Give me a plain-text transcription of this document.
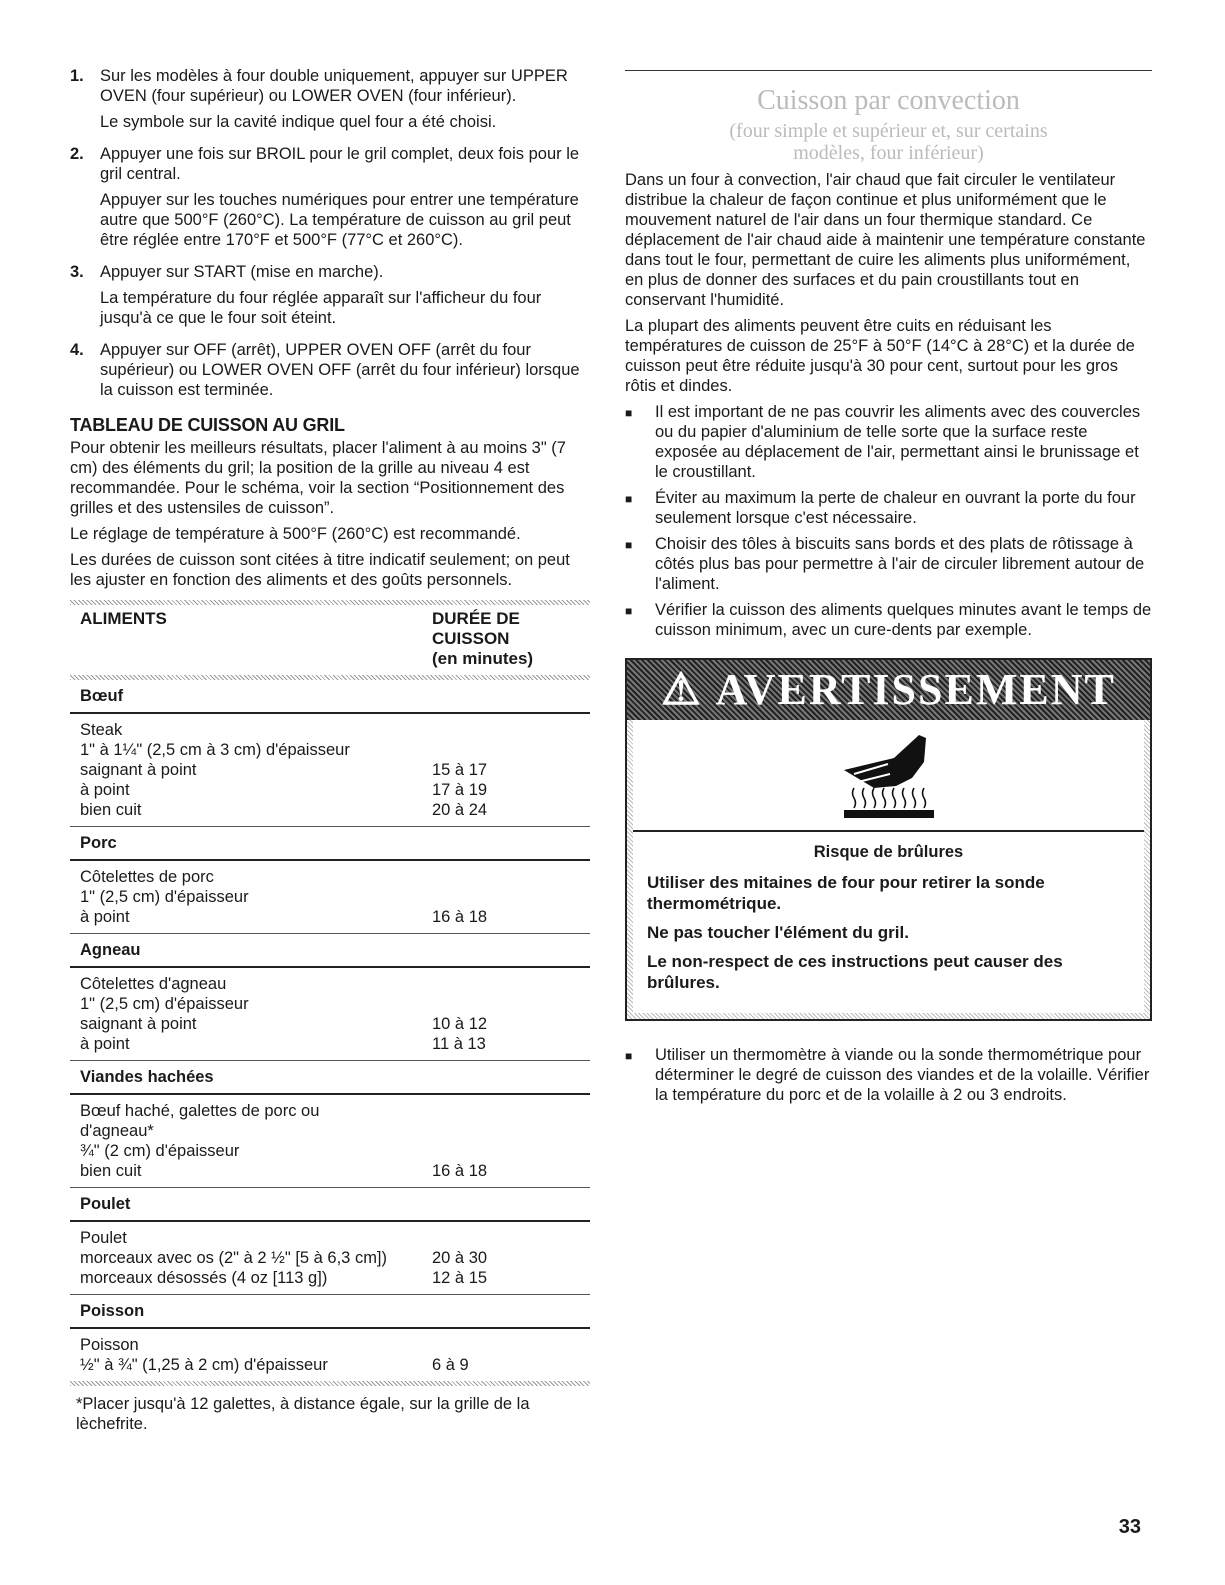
1. Sur les modèles à four double uniquement, appuyer sur UPPER OVEN (four supérieur) ou LOWER OVEN (four inférieur).

Le symbole sur la cavité indique quel four a été choisi.

2. Appuyer une fois sur BROIL pour le gril complet, deux fois pour le gril central.

Appuyer sur les touches numériques pour entrer une température autre que 500°F (260°C). La température de cuisson au gril peut être réglée entre 170°F et 500°F (77°C et 260°C).

3. Appuyer sur START (mise en marche).

La température du four réglée apparaît sur l'afficheur du four jusqu'à ce que le four soit éteint.

4. Appuyer sur OFF (arrêt), UPPER OVEN OFF (arrêt du four supérieur) ou LOWER OVEN OFF (arrêt du four inférieur) lorsque la cuisson est terminée.

TABLEAU DE CUISSON AU GRIL

Pour obtenir les meilleurs résultats, placer l'aliment à au moins 3" (7 cm) des éléments du gril; la position de la grille au niveau 4 est recommandée. Pour le schéma, voir la section “Positionnement des grilles et des ustensiles de cuisson”.

Le réglage de température à 500°F (260°C) est recommandé.

Les durées de cuisson sont citées à titre indicatif seulement; on peut les ajuster en fonction des aliments et des goûts personnels.

ALIMENTS	DURÉE DE
CUISSON
(en minutes)
Bœuf
Steak
1" à 1¼" (2,5 cm à 3 cm) d'épaisseur
saignant à point	15 à 17
à point	17 à 19
bien cuit	20 à 24
Porc
Côtelettes de porc
1" (2,5 cm) d'épaisseur
à point	16 à 18
Agneau
Côtelettes d'agneau
1" (2,5 cm) d'épaisseur
saignant à point	10 à 12
à point	11 à 13
Viandes hachées
Bœuf haché, galettes de porc ou
d'agneau*
¾" (2 cm) d'épaisseur
bien cuit	16 à 18
Poulet
Poulet
morceaux avec os (2" à 2 ½" [5 à 6,3 cm])	20 à 30
morceaux désossés (4 oz [113 g])	12 à 15
Poisson
Poisson
½" à ¾" (1,25 à 2 cm) d'épaisseur	6 à 9
*Placer jusqu'à 12 galettes, à distance égale, sur la grille de la lèchefrite.
Cuisson par convection
(four simple et supérieur et, sur certains modèles, four inférieur)

Dans un four à convection, l'air chaud que fait circuler le ventilateur distribue la chaleur de façon continue et plus uniformément que le mouvement naturel de l'air dans un four thermique standard. Ce déplacement de l'air chaud aide à maintenir une température constante dans tout le four, permettant de cuire les aliments plus uniformément, en plus de donner des surfaces et du pain croustillants tout en conservant l'humidité.

La plupart des aliments peuvent être cuits en réduisant les températures de cuisson de 25°F à 50°F (14°C à 28°C) et la durée de cuisson peut être réduite jusqu'à 30 pour cent, surtout pour les gros rôtis et dindes.

■	Il est important de ne pas couvrir les aliments avec des couvercles ou du papier d'aluminium de telle sorte que la surface reste exposée au déplacement de l'air, permettant ainsi le brunissage et le croustillant.
■	Éviter au maximum la perte de chaleur en ouvrant la porte du four seulement lorsque c'est nécessaire.
■	Choisir des tôles à biscuits sans bords et des plats de rôtissage à côtés plus bas pour permettre à l'air de circuler librement autour de l'aliment.
■	Vérifier la cuisson des aliments quelques minutes avant le temps de cuisson minimum, avec un cure-dents par exemple.
⚠ AVERTISSEMENT
Risque de brûlures

Utiliser des mitaines de four pour retirer la sonde thermométrique.

Ne pas toucher l'élément du gril.

Le non-respect de ces instructions peut causer des brûlures.

■	Utiliser un thermomètre à viande ou la sonde thermométrique pour déterminer le degré de cuisson des viandes et de la volaille. Vérifier la température du porc et de la volaille à 2 ou 3 endroits.
33
